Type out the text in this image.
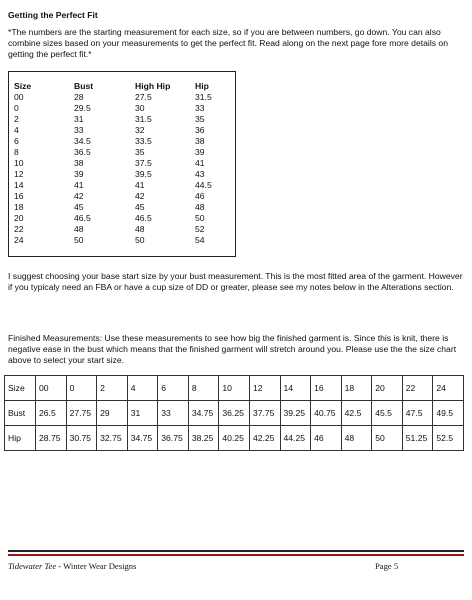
Getting the Perfect Fit

*The numbers are the starting measurement for each size, so if you are between numbers, go down. You can also combine sizes based on your measurements to get the perfect fit. Read along on the next page fore more details on getting the perfect fit.*

Size	Bust	High Hip	Hip
00	28	27.5	31.5
0	29.5	30	33
2	31	31.5	35
4	33	32	36
6	34.5	33.5	38
8	36.5	35	39
10	38	37.5	41
12	39	39.5	43
14	41	41	44.5
16	42	42	46
18	45	45	48
20	46.5	46.5	50
22	48	48	52
24	50	50	54

I suggest choosing your base start size by your bust measurement. This is the most fitted area of the garment. However if you typicaly need an FBA or have a cup size of DD or greater, please see my notes below in the Alterations section.

Finished Measurements: Use these measurements to see how big the finished garment is. Since this is knit, there is negative ease in the bust which means that the finished garment will stretch around you. Please use the the size chart above to select your start size.

Size	00	0	2	4	6	8	10	12	14	16	18	20	22	24
Bust	26.5	27.75	29	31	33	34.75	36.25	37.75	39.25	40.75	42.5	45.5	47.5	49.5
Hip	28.75	30.75	32.75	34.75	36.75	38.25	40.25	42.25	44.25	46	48	50	51.25	52.5
Tidewater Tee - Winter Wear Designs	Page 5
